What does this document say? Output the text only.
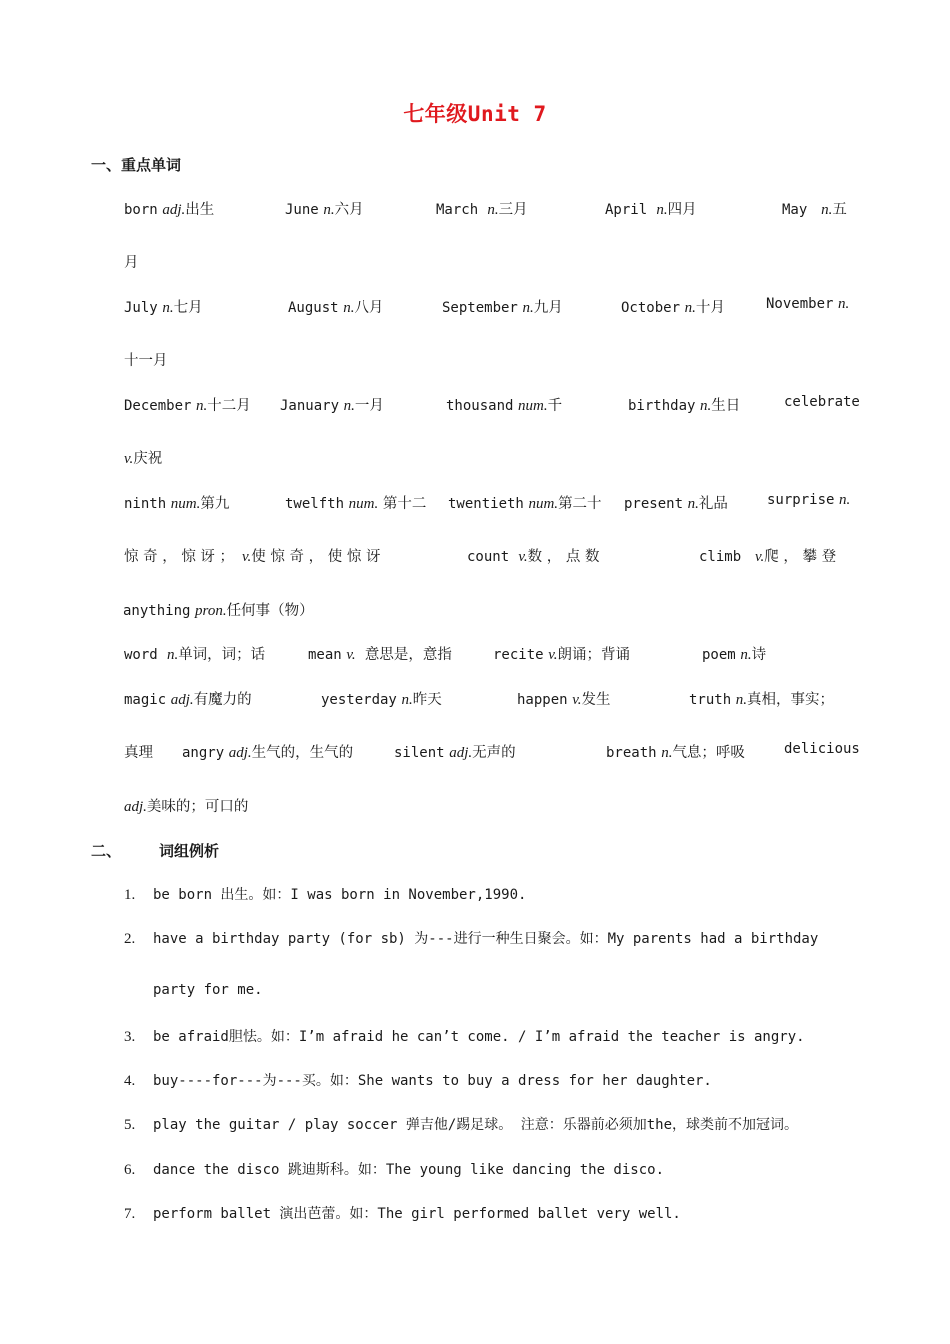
七年级Unit 7
一、重点单词
born adj.出生	June n.六月	March n.三月	April n.四月	May n.五
月
July n.七月	August n.八月	September n.九月	October n.十月	November n.
十一月
December n.十二月 January n.一月	thousand num.千	birthday n.生日	celebrate
v.庆祝
ninth num.第九	twelfth num. 第十二 twentieth num.第二十 present n.礼品	surprise n.
惊 奇 ， 惊 讶 ； v.使 惊 奇 ， 使 惊 讶	count v.数 ， 点 数	climb v.爬 ， 攀 登
anything pron.任何事（物）
word n.单词，词；话	mean v. 意思是，意指	recite v.朗诵；背诵	poem n.诗
magic adj.有魔力的	yesterday n.昨天	happen v.发生	truth n.真相，事实；
真理 angry adj.生气的，生气的	silent adj.无声的	breath n.气息；呼吸	delicious
adj.美味的；可口的
二、	词组例析
1. be born 出生。如：I was born in November,1990.
2. have a birthday party (for sb) 为---进行一种生日聚会。如：My parents had a birthday
party for me.
3. be afraid胆怯。如：I’m afraid he can’t come. / I’m afraid the teacher is angry.
4. buy----for---为---买。如：She wants to buy a dress for her daughter.
5. play the guitar / play soccer 弹吉他/踢足球。 注意：乐器前必须加the，球类前不加冠词。
6. dance the disco 跳迪斯科。如：The young like dancing the disco.
7. perform ballet 演出芭蕾。如：The girl performed ballet very well.
